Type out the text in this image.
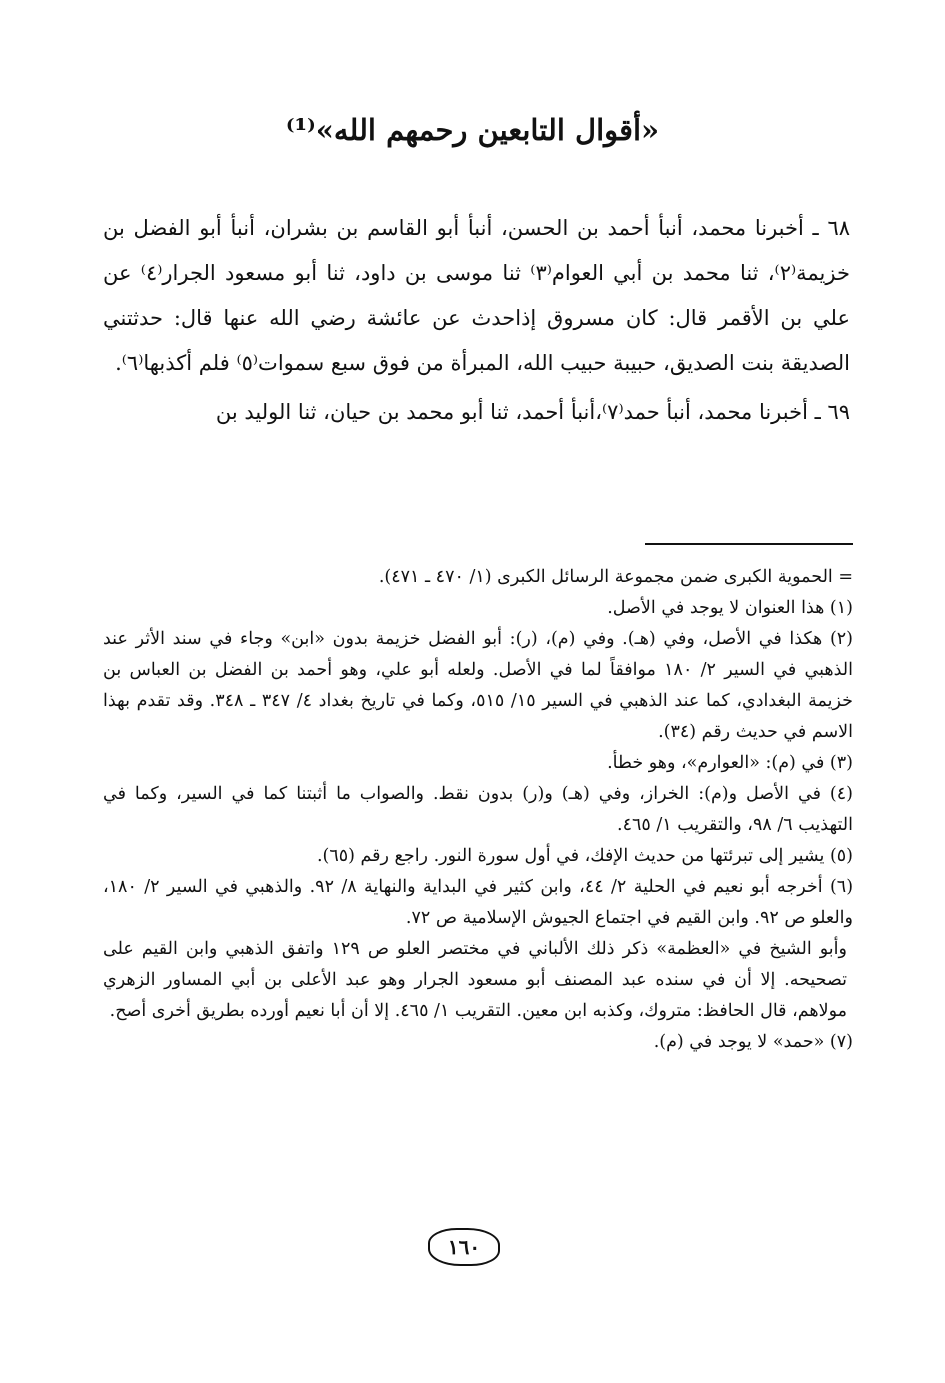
«أقوال التابعين رحمهم الله»⁽¹⁾

٦٨ ـ أخبرنا محمد، أنبأ أحمد بن الحسن، أنبأ أبو القاسم بن بشران، أنبأ أبو الفضل بن خزيمة⁽٢⁾، ثنا محمد بن أبي العوام⁽٣⁾ ثنا موسى بن داود، ثنا أبو مسعود الجرار⁽٤⁾ عن علي بن الأقمر قال: كان مسروق إذاحدث عن عائشة رضي الله عنها قال: حدثتني الصديقة بنت الصديق، حبيبة حبيب الله، المبرأة من فوق سبع سموات⁽٥⁾ فلم أكذبها⁽٦⁾.

٦٩ ـ أخبرنا محمد، أنبأ حمد⁽٧⁾،أنبأ أحمد، ثنا أبو محمد بن حيان، ثنا الوليد بن

= الحموية الكبرى ضمن مجموعة الرسائل الكبرى (١/ ٤٧٠ ـ ٤٧١).

(١) هذا العنوان لا يوجد في الأصل.

(٢) هكذا في الأصل، وفي (هـ). وفي (م)، (ر): أبو الفضل خزيمة بدون «ابن» وجاء في سند الأثر عند الذهبي في السير ٢/ ١٨٠ موافقاً لما في الأصل. ولعله أبو علي، وهو أحمد بن الفضل بن العباس بن خزيمة البغدادي، كما عند الذهبي في السير ١٥/ ٥١٥، وكما في تاريخ بغداد ٤/ ٣٤٧ ـ ٣٤٨. وقد تقدم بهذا الاسم في حديث رقم (٣٤).

(٣) في (م): «العوارم»، وهو خطأ.

(٤) في الأصل و(م): الخراز، وفي (هـ) و(ر) بدون نقط. والصواب ما أثبتنا كما في السير، وكما في التهذيب ٦/ ٩٨، والتقريب ١/ ٤٦٥.

(٥) يشير إلى تبرئتها من حديث الإفك، في أول سورة النور. راجع رقم (٦٥).

(٦) أخرجه أبو نعيم في الحلية ٢/ ٤٤، وابن كثير في البداية والنهاية ٨/ ٩٢. والذهبي في السير ٢/ ١٨٠، والعلو ص ٩٢. وابن القيم في اجتماع الجيوش الإسلامية ص ٧٢.

وأبو الشيخ في «العظمة» ذكر ذلك الألباني في مختصر العلو ص ١٢٩ واتفق الذهبي وابن القيم على تصحيحه. إلا أن في سنده عبد المصنف أبو مسعود الجرار وهو عبد الأعلى بن أبي المساور الزهري مولاهم، قال الحافظ: متروك، وكذبه ابن معين. التقريب ١/ ٤٦٥. إلا أن أبا نعيم أورده بطريق أخرى أصح.

(٧) «حمد» لا يوجد في (م).

١٦٠
